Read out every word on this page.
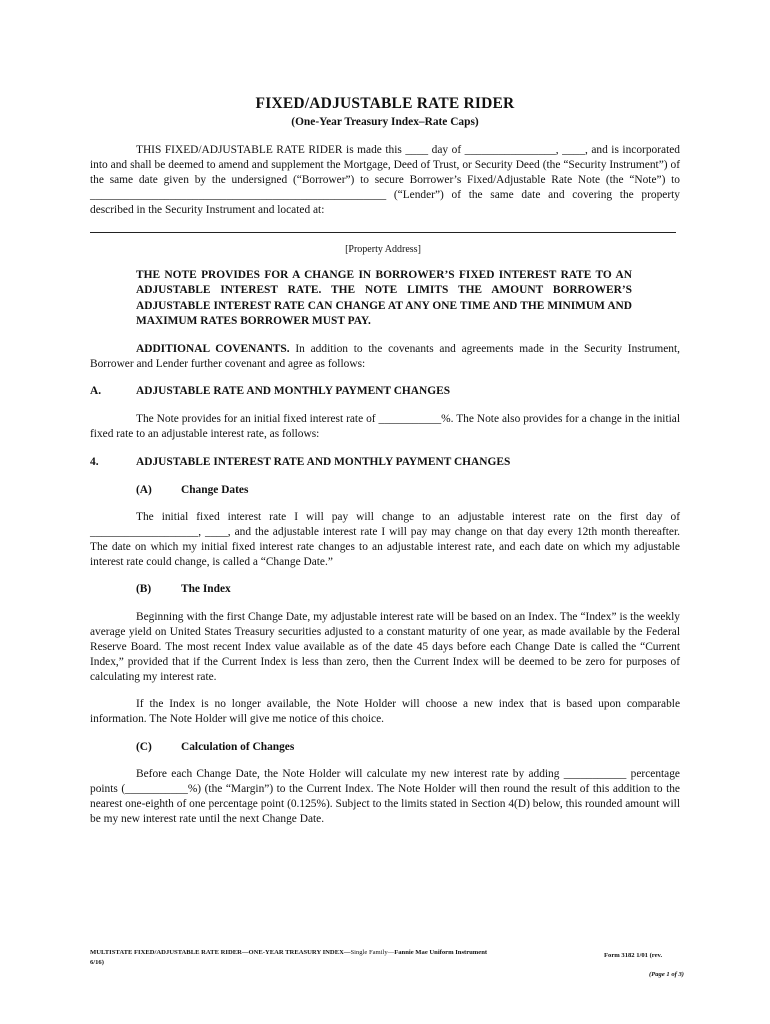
FIXED/ADJUSTABLE RATE RIDER
(One-Year Treasury Index–Rate Caps)
THIS FIXED/ADJUSTABLE RATE RIDER is made this ____ day of ________________, ____, and is incorporated into and shall be deemed to amend and supplement the Mortgage, Deed of Trust, or Security Deed (the “Security Instrument”) of the same date given by the undersigned (“Borrower”) to secure Borrower’s Fixed/Adjustable Rate Note (the “Note”) to ____________________________________________________ (“Lender”) of the same date and covering the property described in the Security Instrument and located at:
[Property Address]
THE NOTE PROVIDES FOR A CHANGE IN BORROWER’S FIXED INTEREST RATE TO AN ADJUSTABLE INTEREST RATE. THE NOTE LIMITS THE AMOUNT BORROWER’S ADJUSTABLE INTEREST RATE CAN CHANGE AT ANY ONE TIME AND THE MINIMUM AND MAXIMUM RATES BORROWER MUST PAY.
ADDITIONAL COVENANTS. In addition to the covenants and agreements made in the Security Instrument, Borrower and Lender further covenant and agree as follows:
A.	ADJUSTABLE RATE AND MONTHLY PAYMENT CHANGES
The Note provides for an initial fixed interest rate of ___________%. The Note also provides for a change in the initial fixed rate to an adjustable interest rate, as follows:
4.	ADJUSTABLE INTEREST RATE AND MONTHLY PAYMENT CHANGES
(A)	Change Dates
The initial fixed interest rate I will pay will change to an adjustable interest rate on the first day of ___________________, ____, and the adjustable interest rate I will pay may change on that day every 12th month thereafter. The date on which my initial fixed interest rate changes to an adjustable interest rate, and each date on which my adjustable interest rate could change, is called a “Change Date.”
(B)	The Index
Beginning with the first Change Date, my adjustable interest rate will be based on an Index. The “Index” is the weekly average yield on United States Treasury securities adjusted to a constant maturity of one year, as made available by the Federal Reserve Board. The most recent Index value available as of the date 45 days before each Change Date is called the “Current Index,” provided that if the Current Index is less than zero, then the Current Index will be deemed to be zero for purposes of calculating my interest rate.
If the Index is no longer available, the Note Holder will choose a new index that is based upon comparable information. The Note Holder will give me notice of this choice.
(C)	Calculation of Changes
Before each Change Date, the Note Holder will calculate my new interest rate by adding ___________ percentage points (___________%) (the “Margin”) to the Current Index. The Note Holder will then round the result of this addition to the nearest one-eighth of one percentage point (0.125%). Subject to the limits stated in Section 4(D) below, this rounded amount will be my new interest rate until the next Change Date.
MULTISTATE FIXED/ADJUSTABLE RATE RIDER—ONE-YEAR TREASURY INDEX—Single Family—Fannie Mae Uniform Instrument
6/16)
Form 3182 1/01 (rev.
(Page 1 of 3)
